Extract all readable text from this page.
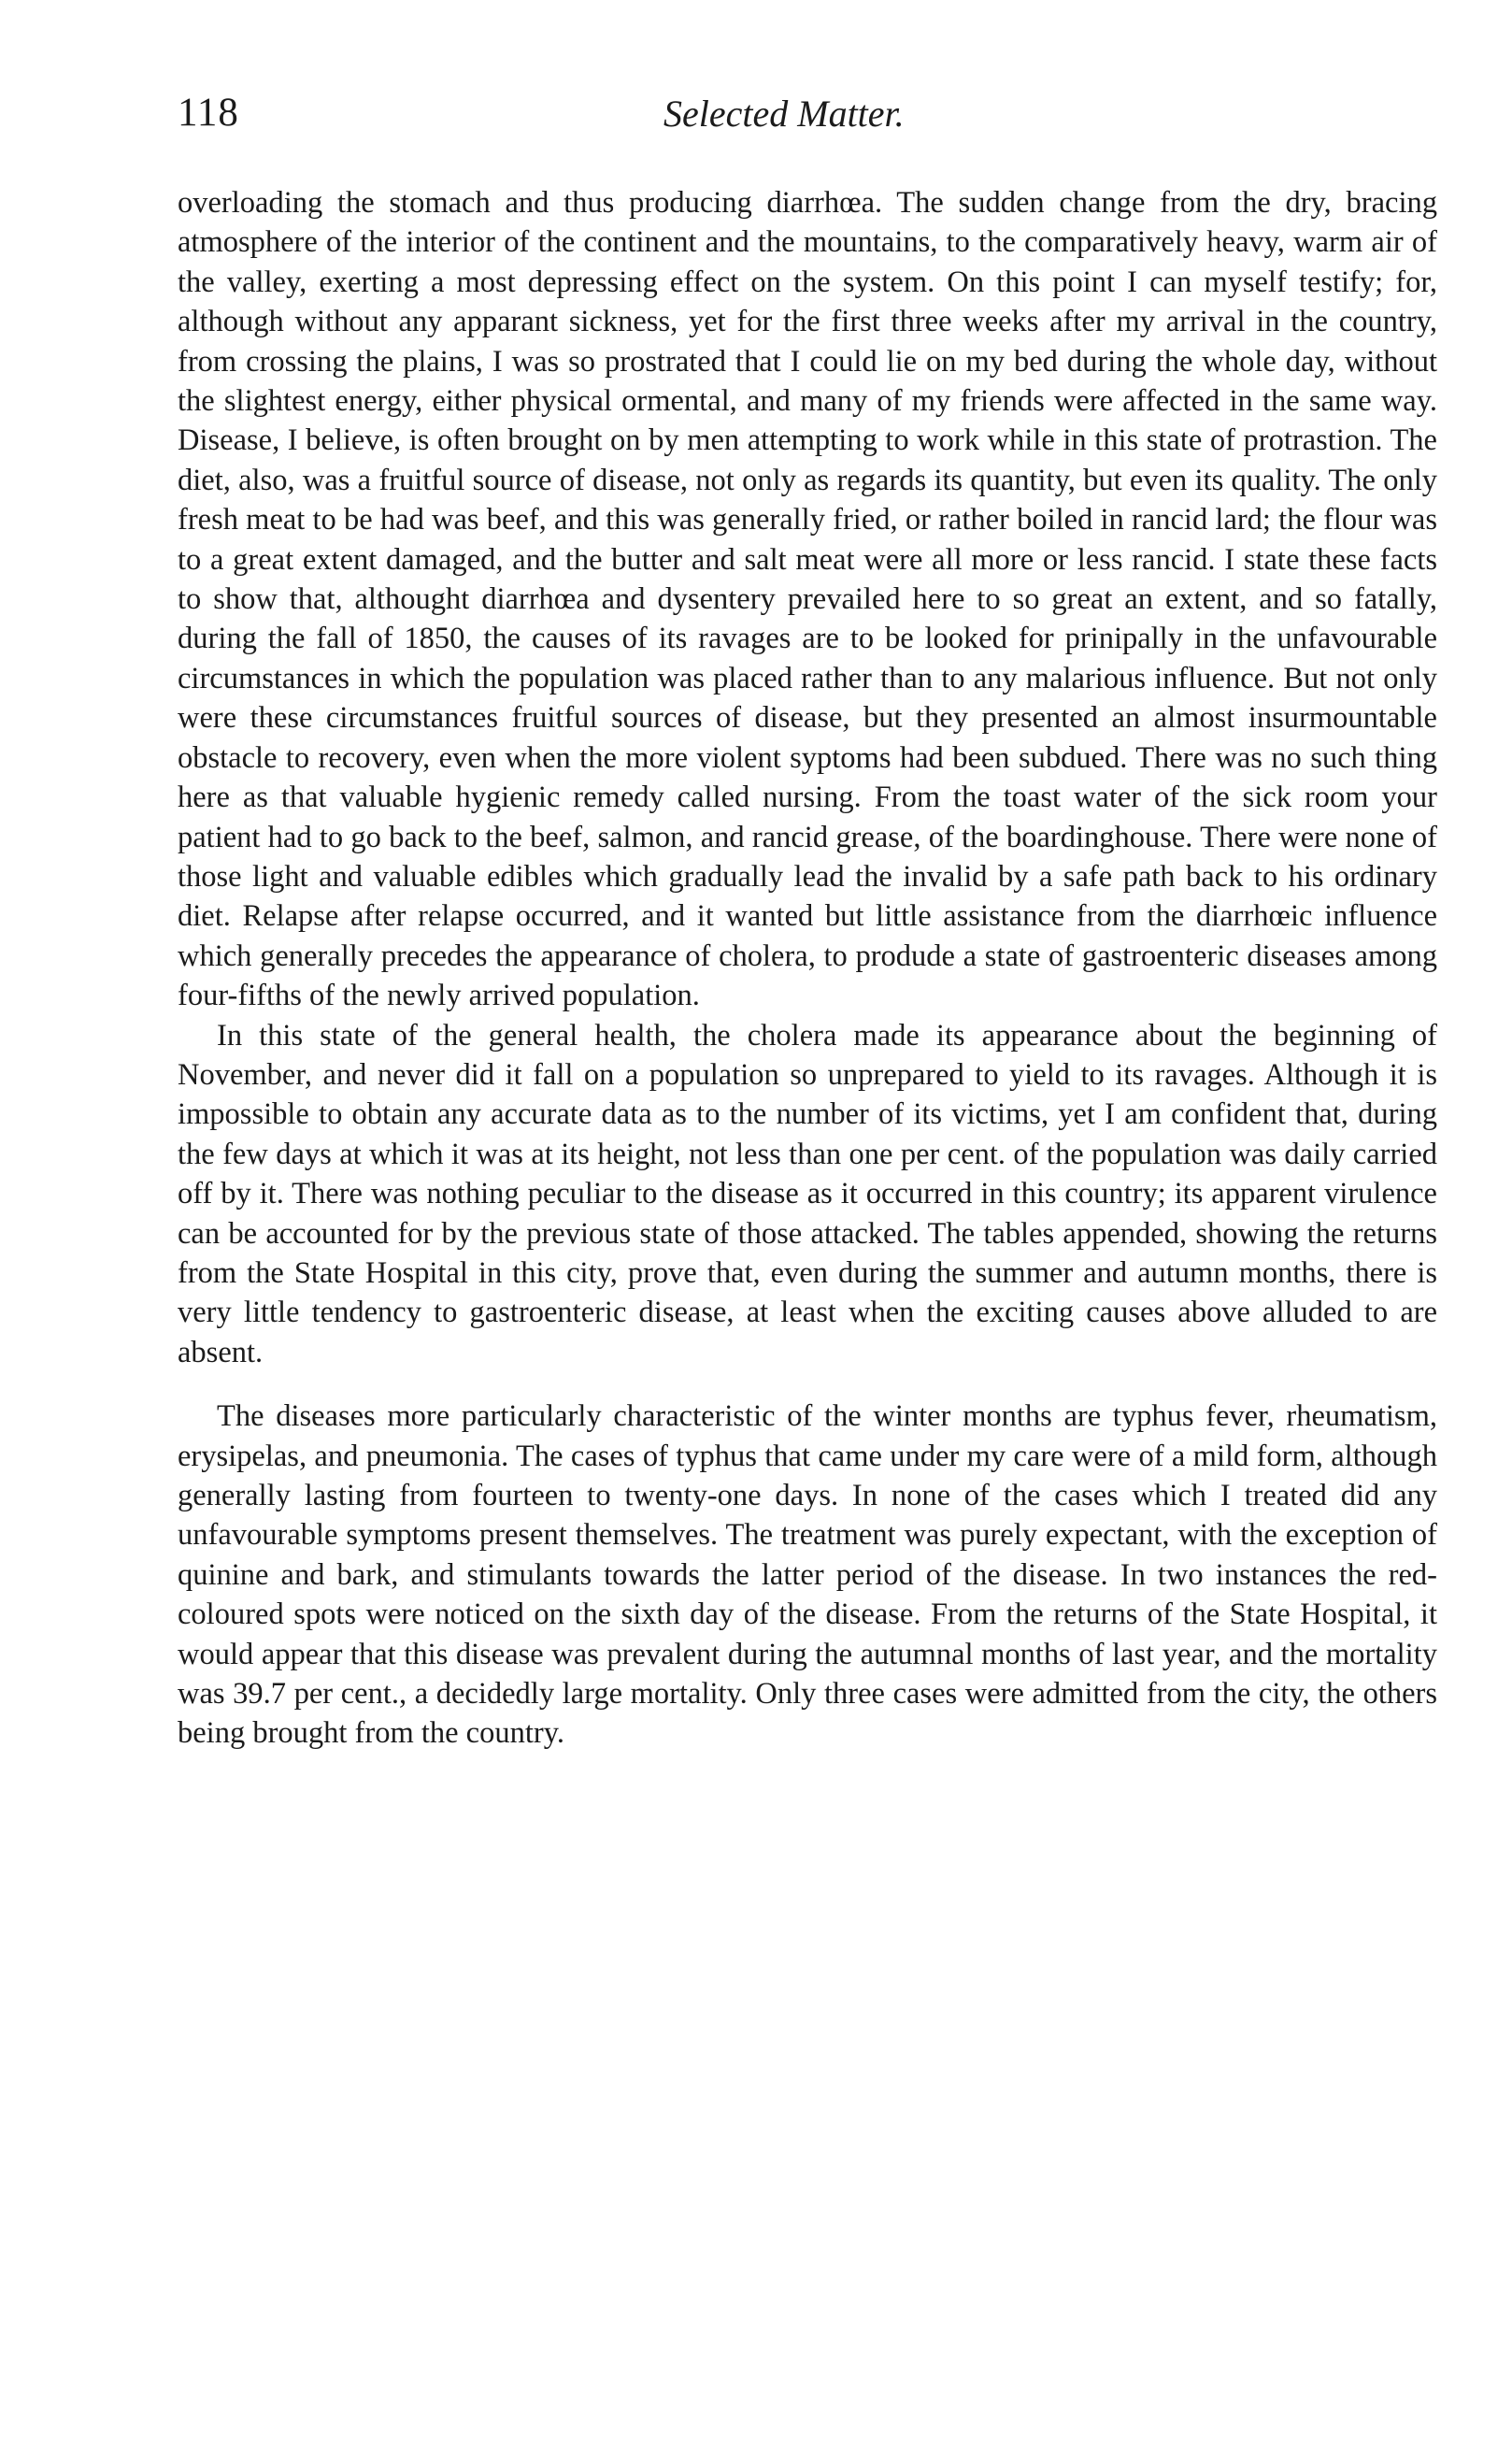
118	Selected Matter.

overloading the stomach and thus producing diarrhœa. The sudden change from the dry, bracing atmosphere of the interior of the continent and the mountains, to the comparatively heavy, warm air of the valley, exerting a most depressing effect on the system. On this point I can myself testify; for, although without any apparant sickness, yet for the first three weeks after my arrival in the country, from crossing the plains, I was so prostrated that I could lie on my bed during the whole day, without the slightest energy, either physical ormental, and many of my friends were affected in the same way. Disease, I believe, is often brought on by men attempting to work while in this state of protrastion. The diet, also, was a fruitful source of disease, not only as regards its quantity, but even its quality. The only fresh meat to be had was beef, and this was generally fried, or rather boiled in rancid lard; the flour was to a great extent damaged, and the butter and salt meat were all more or less rancid. I state these facts to show that, althought diarrhœa and dysentery prevailed here to so great an extent, and so fatally, during the fall of 1850, the causes of its ravages are to be looked for prinipally in the unfavourable circumstances in which the population was placed rather than to any malarious influence. But not only were these circumstances fruitful sources of disease, but they presented an almost insurmountable obstacle to recovery, even when the more violent syptoms had been subdued. There was no such thing here as that valuable hygienic remedy called nursing. From the toast water of the sick room your patient had to go back to the beef, salmon, and rancid grease, of the boardinghouse. There were none of those light and valuable edibles which gradually lead the invalid by a safe path back to his ordinary diet. Relapse after relapse occurred, and it wanted but little assistance from the diarrhœic influence which generally precedes the appearance of cholera, to produde a state of gastroenteric diseases among four-fifths of the newly arrived population.

In this state of the general health, the cholera made its appearance about the beginning of November, and never did it fall on a population so unprepared to yield to its ravages. Although it is impossible to obtain any accurate data as to the number of its victims, yet I am confident that, during the few days at which it was at its height, not less than one per cent. of the population was daily carried off by it. There was nothing peculiar to the disease as it occurred in this country; its apparent virulence can be accounted for by the previous state of those attacked. The tables appended, showing the returns from the State Hospital in this city, prove that, even during the summer and autumn months, there is very little tendency to gastroenteric disease, at least when the exciting causes above alluded to are absent.

The diseases more particularly characteristic of the winter months are typhus fever, rheumatism, erysipelas, and pneumonia. The cases of typhus that came under my care were of a mild form, although generally lasting from fourteen to twenty-one days. In none of the cases which I treated did any unfavourable symptoms present themselves. The treatment was purely expectant, with the exception of quinine and bark, and stimulants towards the latter period of the disease. In two instances the red-coloured spots were noticed on the sixth day of the disease. From the returns of the State Hospital, it would appear that this disease was prevalent during the autumnal months of last year, and the mortality was 39.7 per cent., a decidedly large mortality. Only three cases were admitted from the city, the others being brought from the country.
